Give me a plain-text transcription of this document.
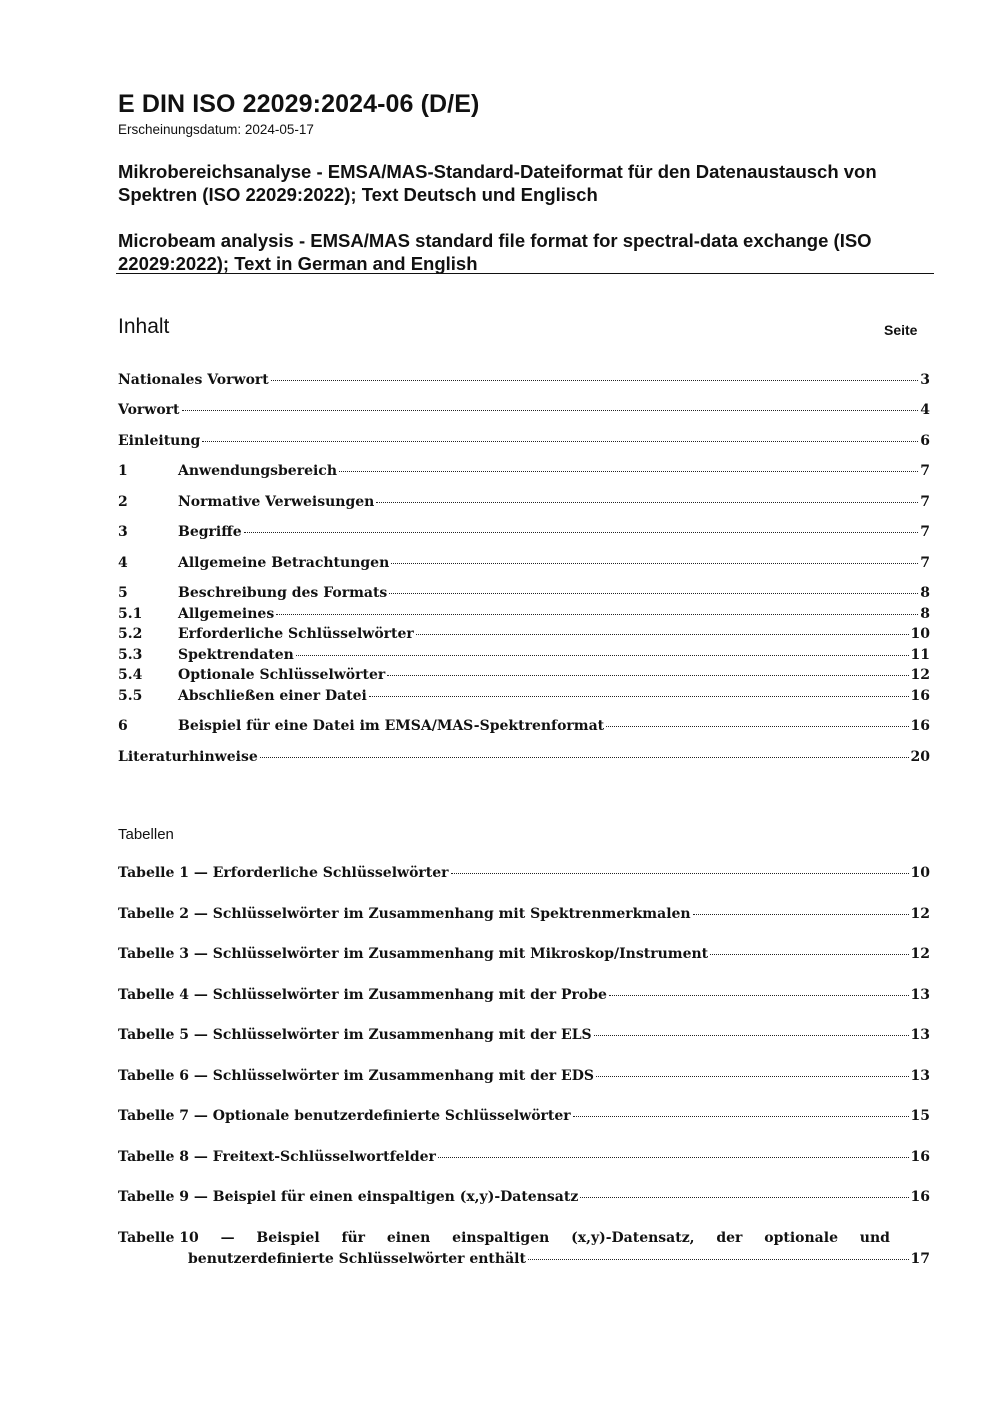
E DIN ISO 22029:2024-06 (D/E)
Erscheinungsdatum: 2024-05-17
Mikrobereichsanalyse - EMSA/MAS-Standard-Dateiformat für den Datenaustausch von Spektren (ISO 22029:2022); Text Deutsch und Englisch
Microbeam analysis - EMSA/MAS standard file format for spectral-data exchange (ISO 22029:2022); Text in German and English
Inhalt	Seite
Nationales Vorwort	3
Vorwort	4
Einleitung	6
1	Anwendungsbereich	7
2	Normative Verweisungen	7
3	Begriffe	7
4	Allgemeine Betrachtungen	7
5	Beschreibung des Formats	8
5.1	Allgemeines	8
5.2	Erforderliche Schlüsselwörter	10
5.3	Spektrendaten	11
5.4	Optionale Schlüsselwörter	12
5.5	Abschließen einer Datei	16
6	Beispiel für eine Datei im EMSA/MAS-Spektrenformat	16
Literaturhinweise	20
Tabellen
Tabelle 1 — Erforderliche Schlüsselwörter	10
Tabelle 2 — Schlüsselwörter im Zusammenhang mit Spektrenmerkmalen	12
Tabelle 3 — Schlüsselwörter im Zusammenhang mit Mikroskop/Instrument	12
Tabelle 4 — Schlüsselwörter im Zusammenhang mit der Probe	13
Tabelle 5 — Schlüsselwörter im Zusammenhang mit der ELS	13
Tabelle 6 — Schlüsselwörter im Zusammenhang mit der EDS	13
Tabelle 7 — Optionale benutzerdefinierte Schlüsselwörter	15
Tabelle 8 — Freitext-Schlüsselwortfelder	16
Tabelle 9 — Beispiel für einen einspaltigen (x,y)-Datensatz	16
Tabelle 10 — Beispiel für einen einspaltigen (x,y)-Datensatz, der optionale und
benutzerdefinierte Schlüsselwörter enthält	17
